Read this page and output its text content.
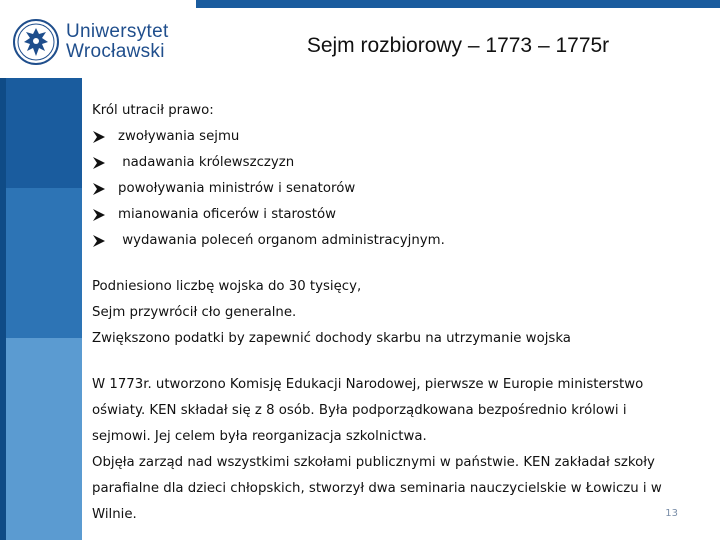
Uniwersytet
Wrocławski	Sejm rozbiorowy – 1773 – 1775r
Król utracił prawo:
zwoływania sejmu
nadawania królewszczyzn
powoływania ministrów i senatorów
mianowania oficerów i starostów
wydawania poleceń organom administracyjnym.

Podniesiono liczbę wojska do 30 tysięcy,

Sejm przywrócił cło generalne.

Zwiększono podatki by zapewnić dochody skarbu na utrzymanie wojska

W 1773r. utworzono Komisję Edukacji Narodowej, pierwsze w Europie ministerstwo

oświaty. KEN składał się z 8 osób. Była podporządkowana bezpośrednio królowi i

sejmowi. Jej celem była reorganizacja szkolnictwa.

Objęła zarząd nad wszystkimi szkołami publicznymi w państwie. KEN zakładał szkoły

parafialne dla dzieci chłopskich, stworzył dwa seminaria nauczycielskie w Łowiczu i w

Wilnie.	13
